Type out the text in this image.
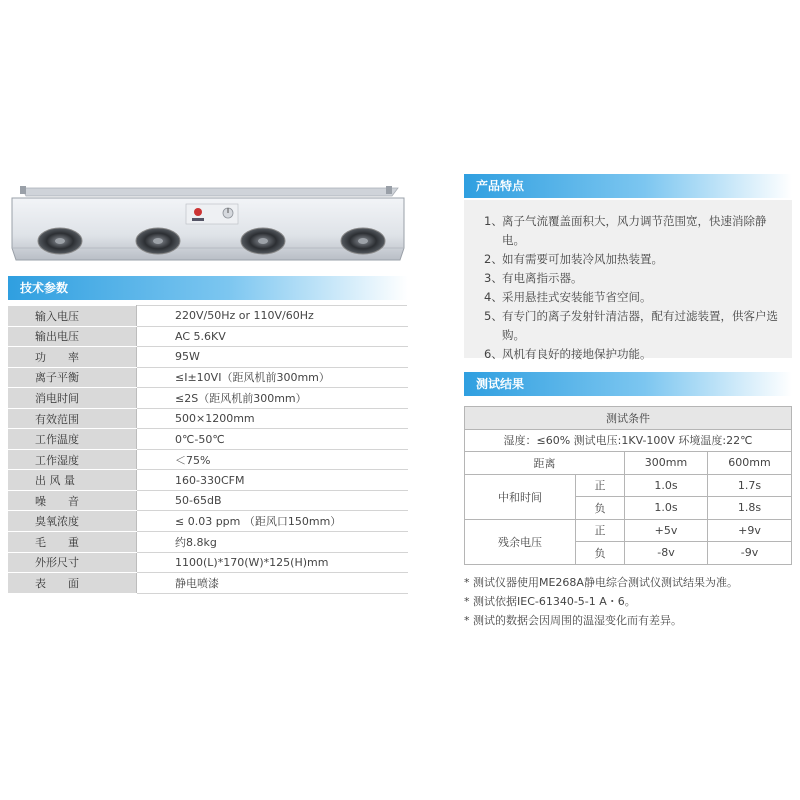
技术参数
输入电压	220V/50Hz or 110V/60Hz
输出电压	AC 5.6KV
功　　率	95W
离子平衡	≤I±10VI（距风机前300mm）
消电时间	≤2S（距风机前300mm）
有效范围	500×1200mm
工作温度	0℃-50℃
工作湿度	＜75%
出 风 量	160-330CFM
噪　　音	50-65dB
臭氧浓度	≤ 0.03 ppm （距风口150mm）
毛　　重	约8.8kg
外形尺寸	1100(L)*170(W)*125(H)mm
表　　面	静电喷漆
产品特点
1、 离子气流覆盖面积大，风力调节范围宽，快速消除静电。
2、 如有需要可加装冷风加热装置。
3、 有电离指示器。
4、 采用悬挂式安装能节省空间。
5、 有专门的离子发射针清洁器，配有过滤装置，供客户选购。
6、 风机有良好的接地保护功能。
测试结果
测试条件			
湿度：≤60% 测试电压:1KV-100V 环境温度:22℃			
距离		300mm	600mm
中和时间	正	1.0s	1.7s
	负	1.0s	1.8s
残余电压	正	+5v	+9v
	负	-8v	-9v
* 测试仪器使用ME268A静电综合测试仪测试结果为准。
* 测试依据IEC-61340-5-1 A・6。
* 测试的数据会因周围的温湿变化而有差异。
